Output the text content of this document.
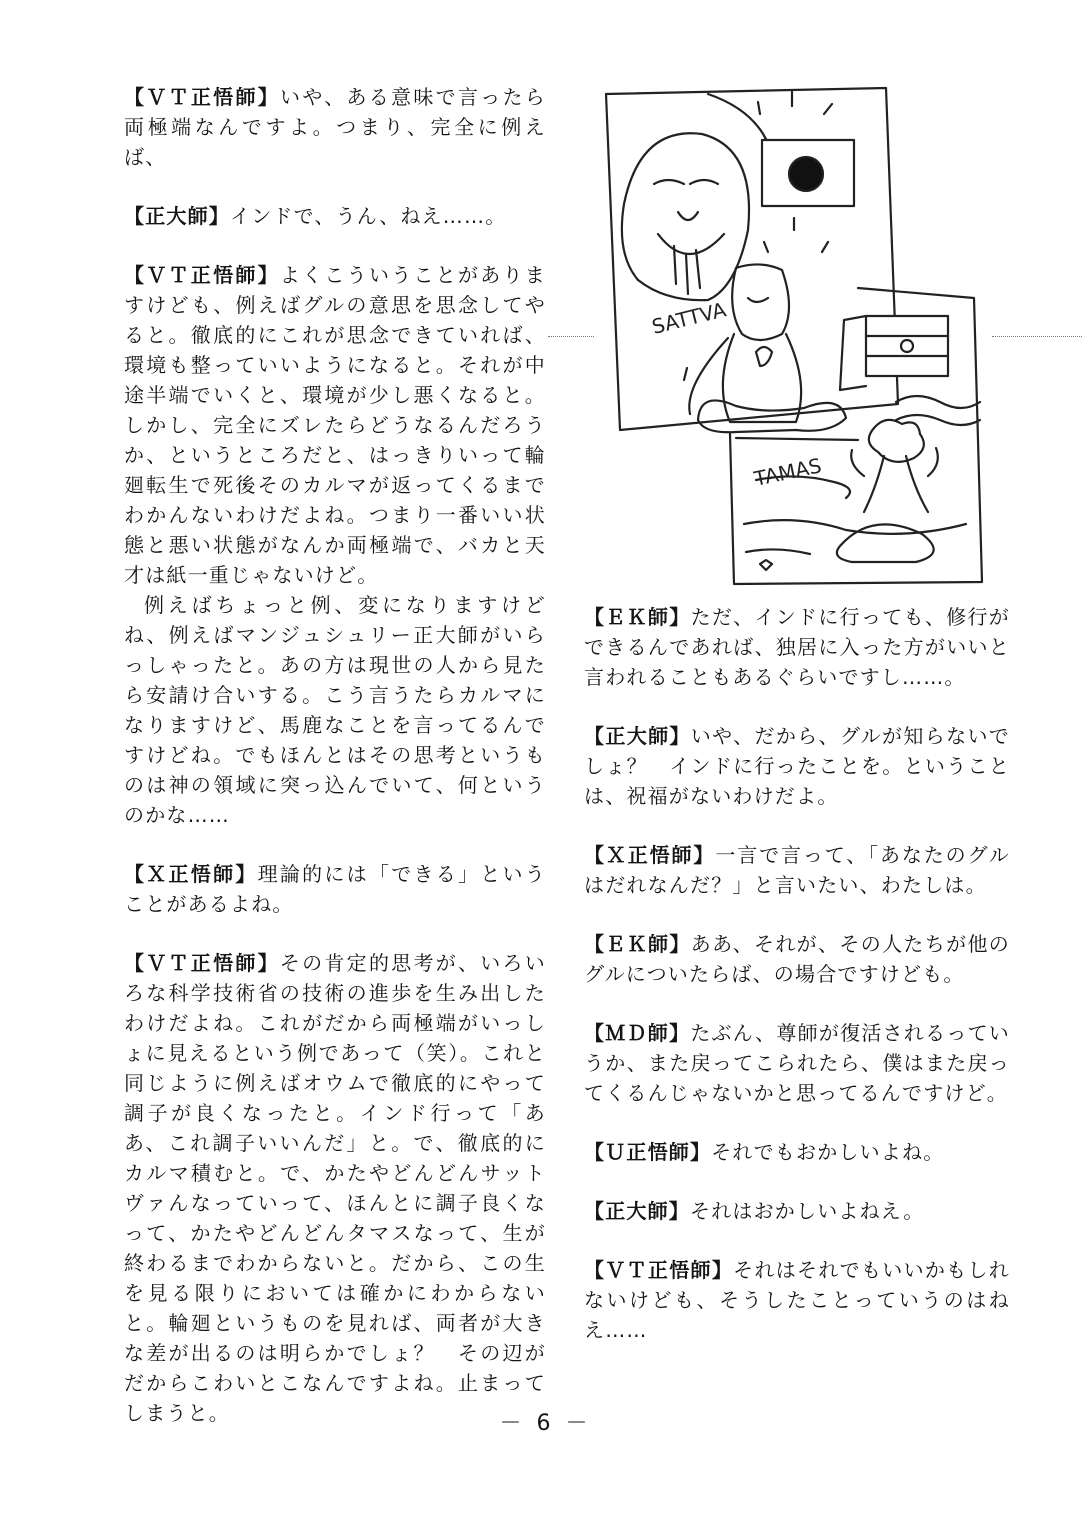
【ＶＴ正悟師】いや、ある意味で言ったら両極端なんですよ。つまり、完全に例えば、

【正大師】インドで、うん、ねえ……。

【ＶＴ正悟師】よくこういうことがありますけども、例えばグルの意思を思念してやると。徹底的にこれが思念できていれば、環境も整っていいようになると。それが中途半端でいくと、環境が少し悪くなると。しかし、完全にズレたらどうなるんだろうか、というところだと、はっきりいって輪廻転生で死後そのカルマが返ってくるまでわかんないわけだよね。つまり一番いい状態と悪い状態がなんか両極端で、バカと天才は紙一重じゃないけど。

例えばちょっと例、変になりますけどね、例えばマンジュシュリー正大師がいらっしゃったと。あの方は現世の人から見たら安請け合いする。こう言うたらカルマになりますけど、馬鹿なことを言ってるんですけどね。でもほんとはその思考というものは神の領域に突っ込んでいて、何というのかな……

【Ｘ正悟師】理論的には「できる」ということがあるよね。

【ＶＴ正悟師】その肯定的思考が、いろいろな科学技術省の技術の進歩を生み出したわけだよね。これがだから両極端がいっしょに見えるという例であって（笑）。これと同じように例えばオウムで徹底的にやって調子が良くなったと。インド行って「ああ、これ調子いいんだ」と。で、徹底的にカルマ積むと。で、かたやどんどんサットヴァんなっていって、ほんとに調子良くなって、かたやどんどんタマスなって、生が終わるまでわからないと。だから、この生を見る限りにおいては確かにわからないと。輪廻というものを見れば、両者が大きな差が出るのは明らかでしょ？　その辺がだからこわいとこなんですよね。止まってしまうと。

SATTVA
TAMAS

【ＥＫ師】ただ、インドに行っても、修行ができるんであれば、独居に入った方がいいと言われることもあるぐらいですし……。

【正大師】いや、だから、グルが知らないでしょ？　インドに行ったことを。ということは、祝福がないわけだよ。

【Ｘ正悟師】一言で言って、「あなたのグルはだれなんだ？」と言いたい、わたしは。

【ＥＫ師】ああ、それが、その人たちが他のグルについたらば、の場合ですけども。

【ＭＤ師】たぶん、尊師が復活されるっていうか、また戻ってこられたら、僕はまた戻ってくるんじゃないかと思ってるんですけど。

【Ｕ正悟師】それでもおかしいよね。

【正大師】それはおかしいよねえ。

【ＶＴ正悟師】それはそれでもいいかもしれないけども、そうしたことっていうのはねえ……

－ 6 －
